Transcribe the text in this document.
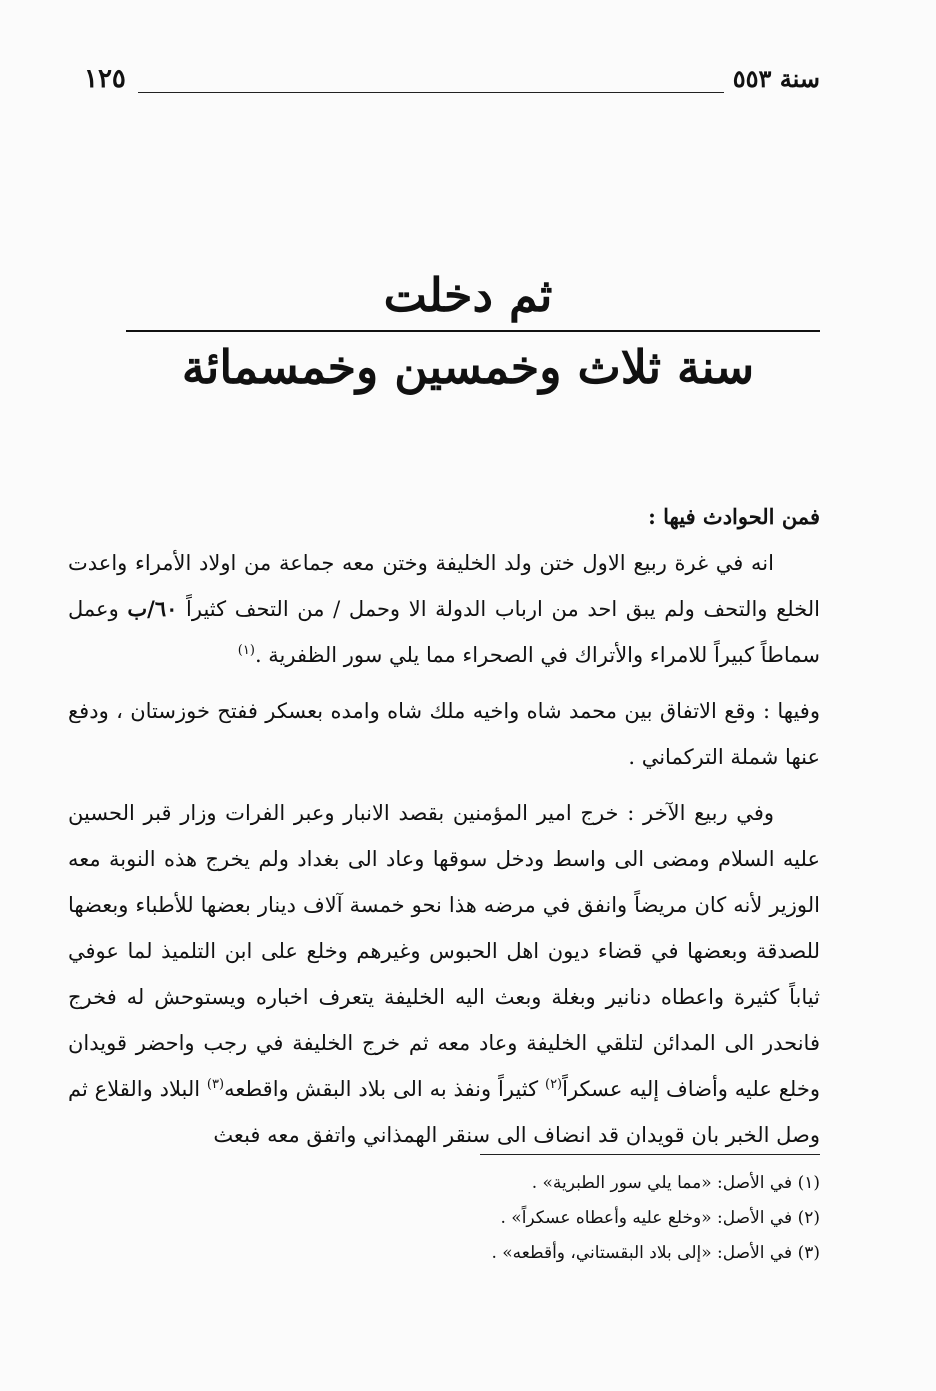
١٢٥	سنة ٥٥٣
ثم دخلت
سنة ثلاث وخمسين وخمسمائة

فمن الحوادث فيها :

انه في غرة ربيع الاول ختن ولد الخليفة وختن معه جماعة من اولاد الأمراء واعدت الخلع والتحف ولم يبق احد من ارباب الدولة الا وحمل / من التحف كثيراً ٦٠/ب وعمل سماطاً كبيراً للامراء والأتراك في الصحراء مما يلي سور الظفرية .$^{(١)}$

وفيها : وقع الاتفاق بين محمد شاه واخيه ملك شاه وامده بعسكر ففتح خوزستان ، ودفع عنها شملة التركماني .

وفي ربيع الآخر : خرج امير المؤمنين بقصد الانبار وعبر الفرات وزار قبر الحسين عليه السلام ومضى الى واسط ودخل سوقها وعاد الى بغداد ولم يخرج هذه النوبة معه الوزير لأنه كان مريضاً وانفق في مرضه هذا نحو خمسة آلاف دينار بعضها للأطباء وبعضها للصدقة وبعضها في قضاء ديون اهل الحبوس وغيرهم وخلع على ابن التلميذ لما عوفي ثياباً كثيرة واعطاه دنانير وبغلة وبعث اليه الخليفة يتعرف اخباره ويستوحش له فخرج فانحدر الى المدائن لتلقي الخليفة وعاد معه ثم خرج الخليفة في رجب واحضر قويدان وخلع عليه وأضاف إليه عسكراً$^{(٢)}$ كثيراً ونفذ به الى بلاد البقش واقطعه$^{(٣)}$ البلاد والقلاع ثم وصل الخبر بان قويدان قد انضاف الى سنقر الهمذاني واتفق معه فبعث

(١) في الأصل: «مما يلي سور الطبرية» .
(٢) في الأصل: «وخلع عليه وأعطاه عسكراً» .
(٣) في الأصل: «إلى بلاد البقستاني، وأقطعه» .
